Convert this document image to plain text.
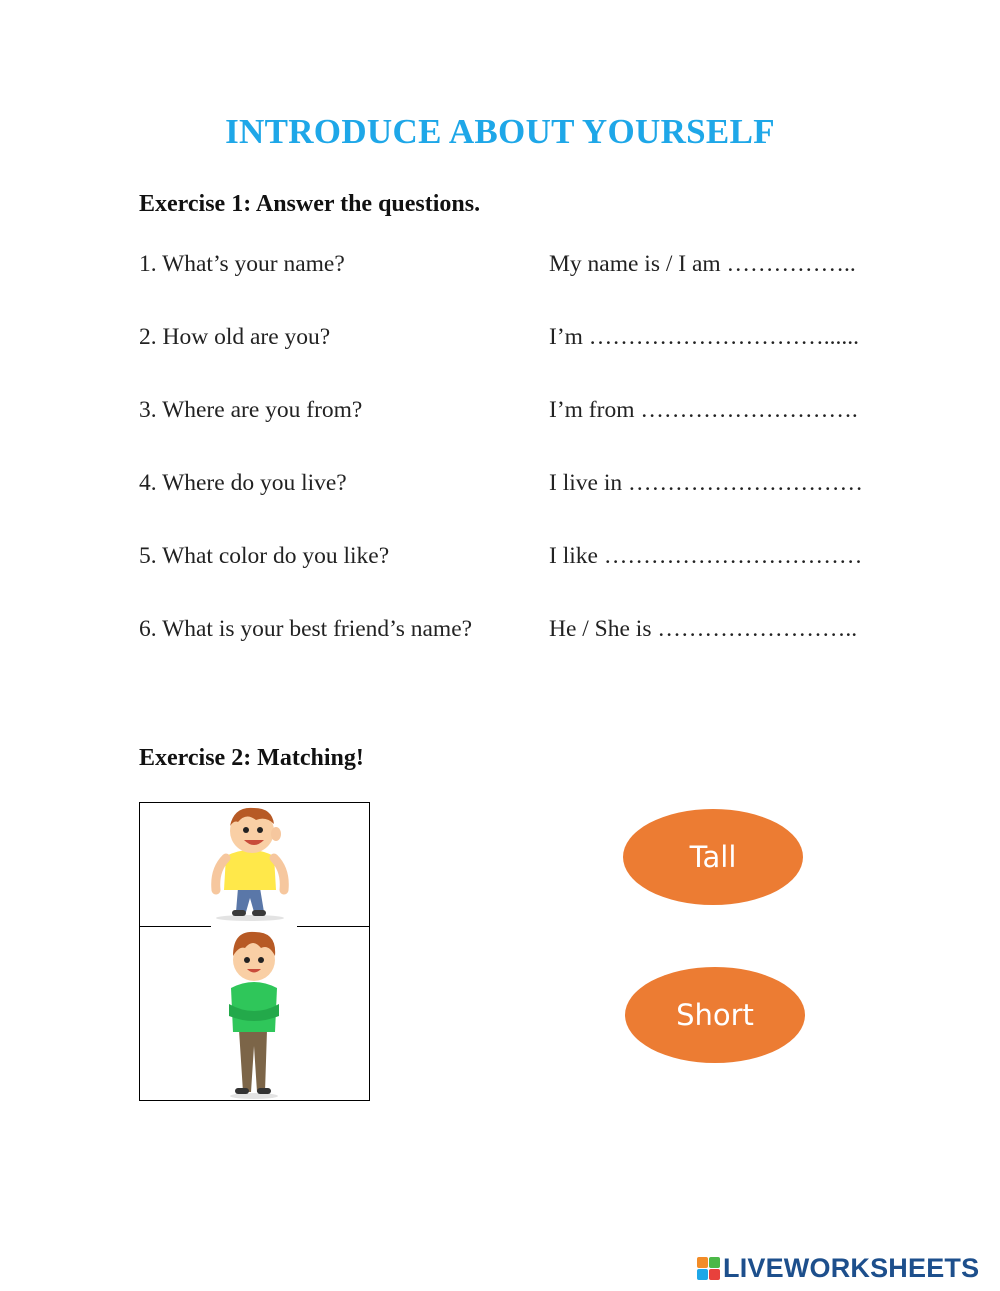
INTRODUCE ABOUT YOURSELF
Exercise 1: Answer the questions.
1. What’s your name?	My name is / I am ……………..
2. How old are you?	I’m …………………………......
3. Where are you from?	I’m from ……………………….
4. Where do you live?	I live in …………………………
5. What color do you like?	I like ……………………………
6. What is your best friend’s name?	He / She is ……………………..
Exercise 2: Matching!
Tall
Short
LIVEWORKSHEETS
